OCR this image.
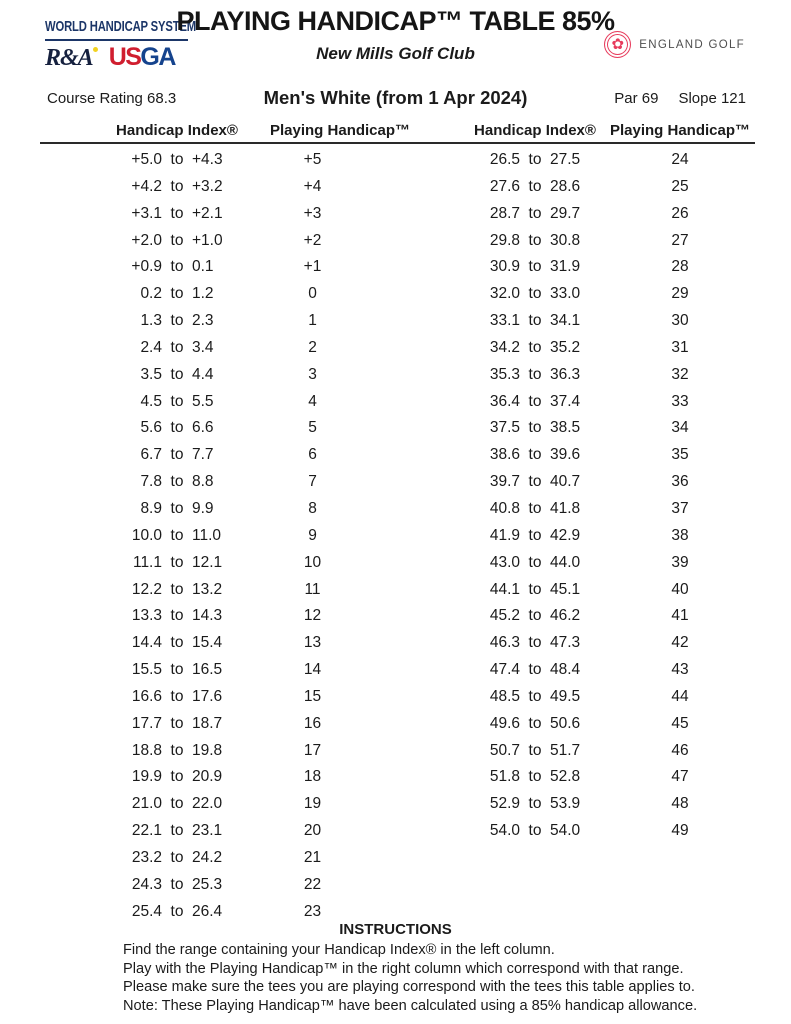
WORLD HANDICAP SYSTEM
R&A USGA
PLAYING HANDICAP™ TABLE 85%
New Mills Golf Club	✿	ENGLAND GOLF
Course Rating 68.3	Men's White (from 1 Apr 2024)	Par 69 Slope 121
Handicap Index®	Playing Handicap™	Handicap Index® Playing Handicap™
+5.0 to +4.3	+5
+4.2 to +3.2	+4
+3.1 to +2.1	+3
+2.0 to +1.0	+2
+0.9 to 0.1	+1
0.2 to 1.2	0
1.3 to 2.3	1
2.4 to 3.4	2
3.5 to 4.4	3
4.5 to 5.5	4
5.6 to 6.6	5
6.7 to 7.7	6
7.8 to 8.8	7
8.9 to 9.9	8
10.0 to 11.0	9
11.1 to 12.1	10
12.2 to 13.2	11
13.3 to 14.3	12
14.4 to 15.4	13
15.5 to 16.5	14
16.6 to 17.6	15
17.7 to 18.7	16
18.8 to 19.8	17
19.9 to 20.9	18
21.0 to 22.0	19
22.1 to 23.1	20
23.2 to 24.2	21
24.3 to 25.3	22
25.4 to 26.4	23
26.5 to 27.5	24
27.6 to 28.6	25
28.7 to 29.7	26
29.8 to 30.8	27
30.9 to 31.9	28
32.0 to 33.0	29
33.1 to 34.1	30
34.2 to 35.2	31
35.3 to 36.3	32
36.4 to 37.4	33
37.5 to 38.5	34
38.6 to 39.6	35
39.7 to 40.7	36
40.8 to 41.8	37
41.9 to 42.9	38
43.0 to 44.0	39
44.1 to 45.1	40
45.2 to 46.2	41
46.3 to 47.3	42
47.4 to 48.4	43
48.5 to 49.5	44
49.6 to 50.6	45
50.7 to 51.7	46
51.8 to 52.8	47
52.9 to 53.9	48
54.0 to 54.0	49
INSTRUCTIONS
Find the range containing your Handicap Index® in the left column.
Play with the Playing Handicap™ in the right column which correspond with that range.
Please make sure the tees you are playing correspond with the tees this table applies to.
Note: These Playing Handicap™ have been calculated using a 85% handicap allowance.
